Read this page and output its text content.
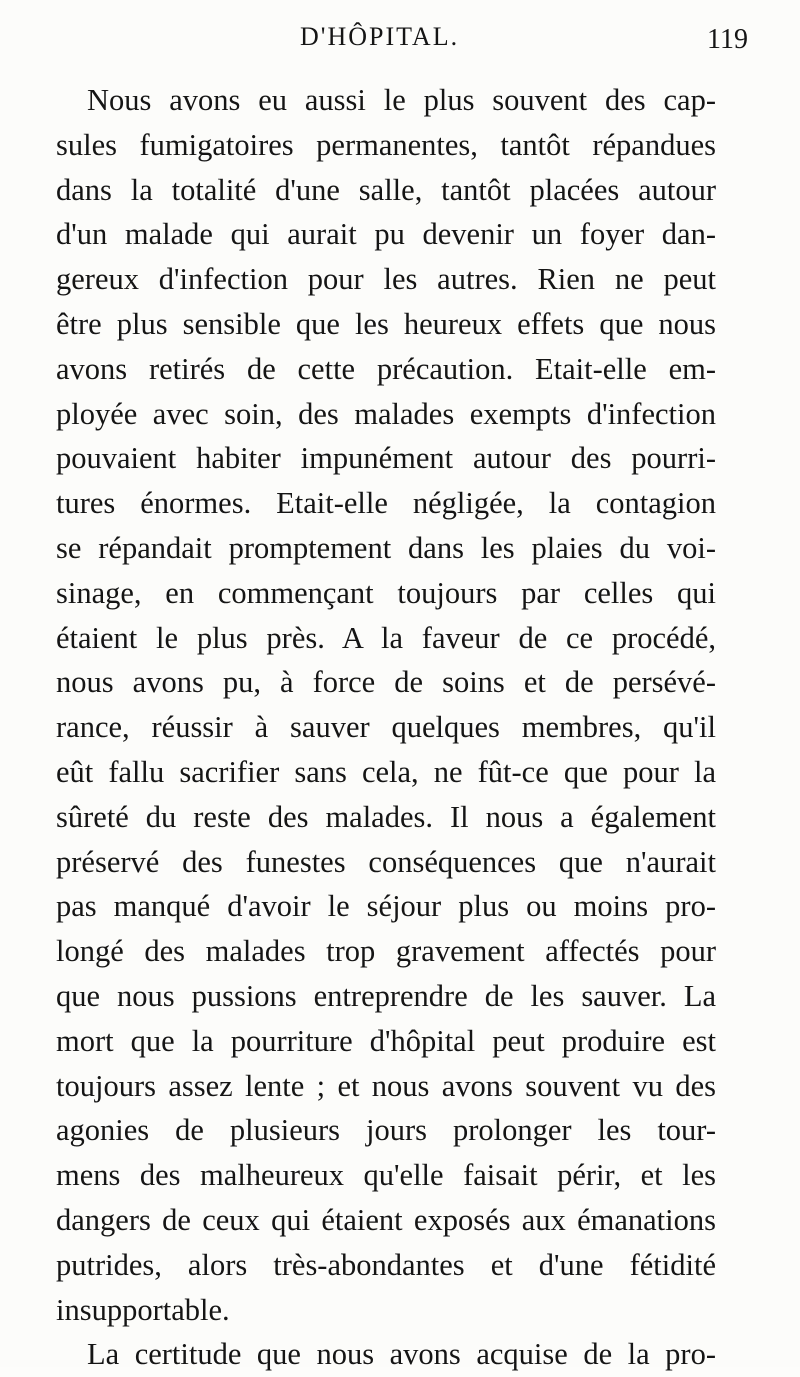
D'HÔPITAL.	119
Nous avons eu aussi le plus souvent des cap-
sules fumigatoires permanentes, tantôt répandues
dans la totalité d'une salle, tantôt placées autour
d'un malade qui aurait pu devenir un foyer dan-
gereux d'infection pour les autres. Rien ne peut
être plus sensible que les heureux effets que nous
avons retirés de cette précaution. Etait-elle em-
ployée avec soin, des malades exempts d'infection
pouvaient habiter impunément autour des pourri-
tures énormes. Etait-elle négligée, la contagion
se répandait promptement dans les plaies du voi-
sinage, en commençant toujours par celles qui
étaient le plus près. A la faveur de ce procédé,
nous avons pu, à force de soins et de persévé-
rance, réussir à sauver quelques membres, qu'il
eût fallu sacrifier sans cela, ne fût-ce que pour la
sûreté du reste des malades. Il nous a également
préservé des funestes conséquences que n'aurait
pas manqué d'avoir le séjour plus ou moins pro-
longé des malades trop gravement affectés pour
que nous pussions entreprendre de les sauver. La
mort que la pourriture d'hôpital peut produire est
toujours assez lente ; et nous avons souvent vu des
agonies de plusieurs jours prolonger les tour-
mens des malheureux qu'elle faisait périr, et les
dangers de ceux qui étaient exposés aux émanations
putrides, alors très-abondantes et d'une fétidité
insupportable.
La certitude que nous avons acquise de la pro-
